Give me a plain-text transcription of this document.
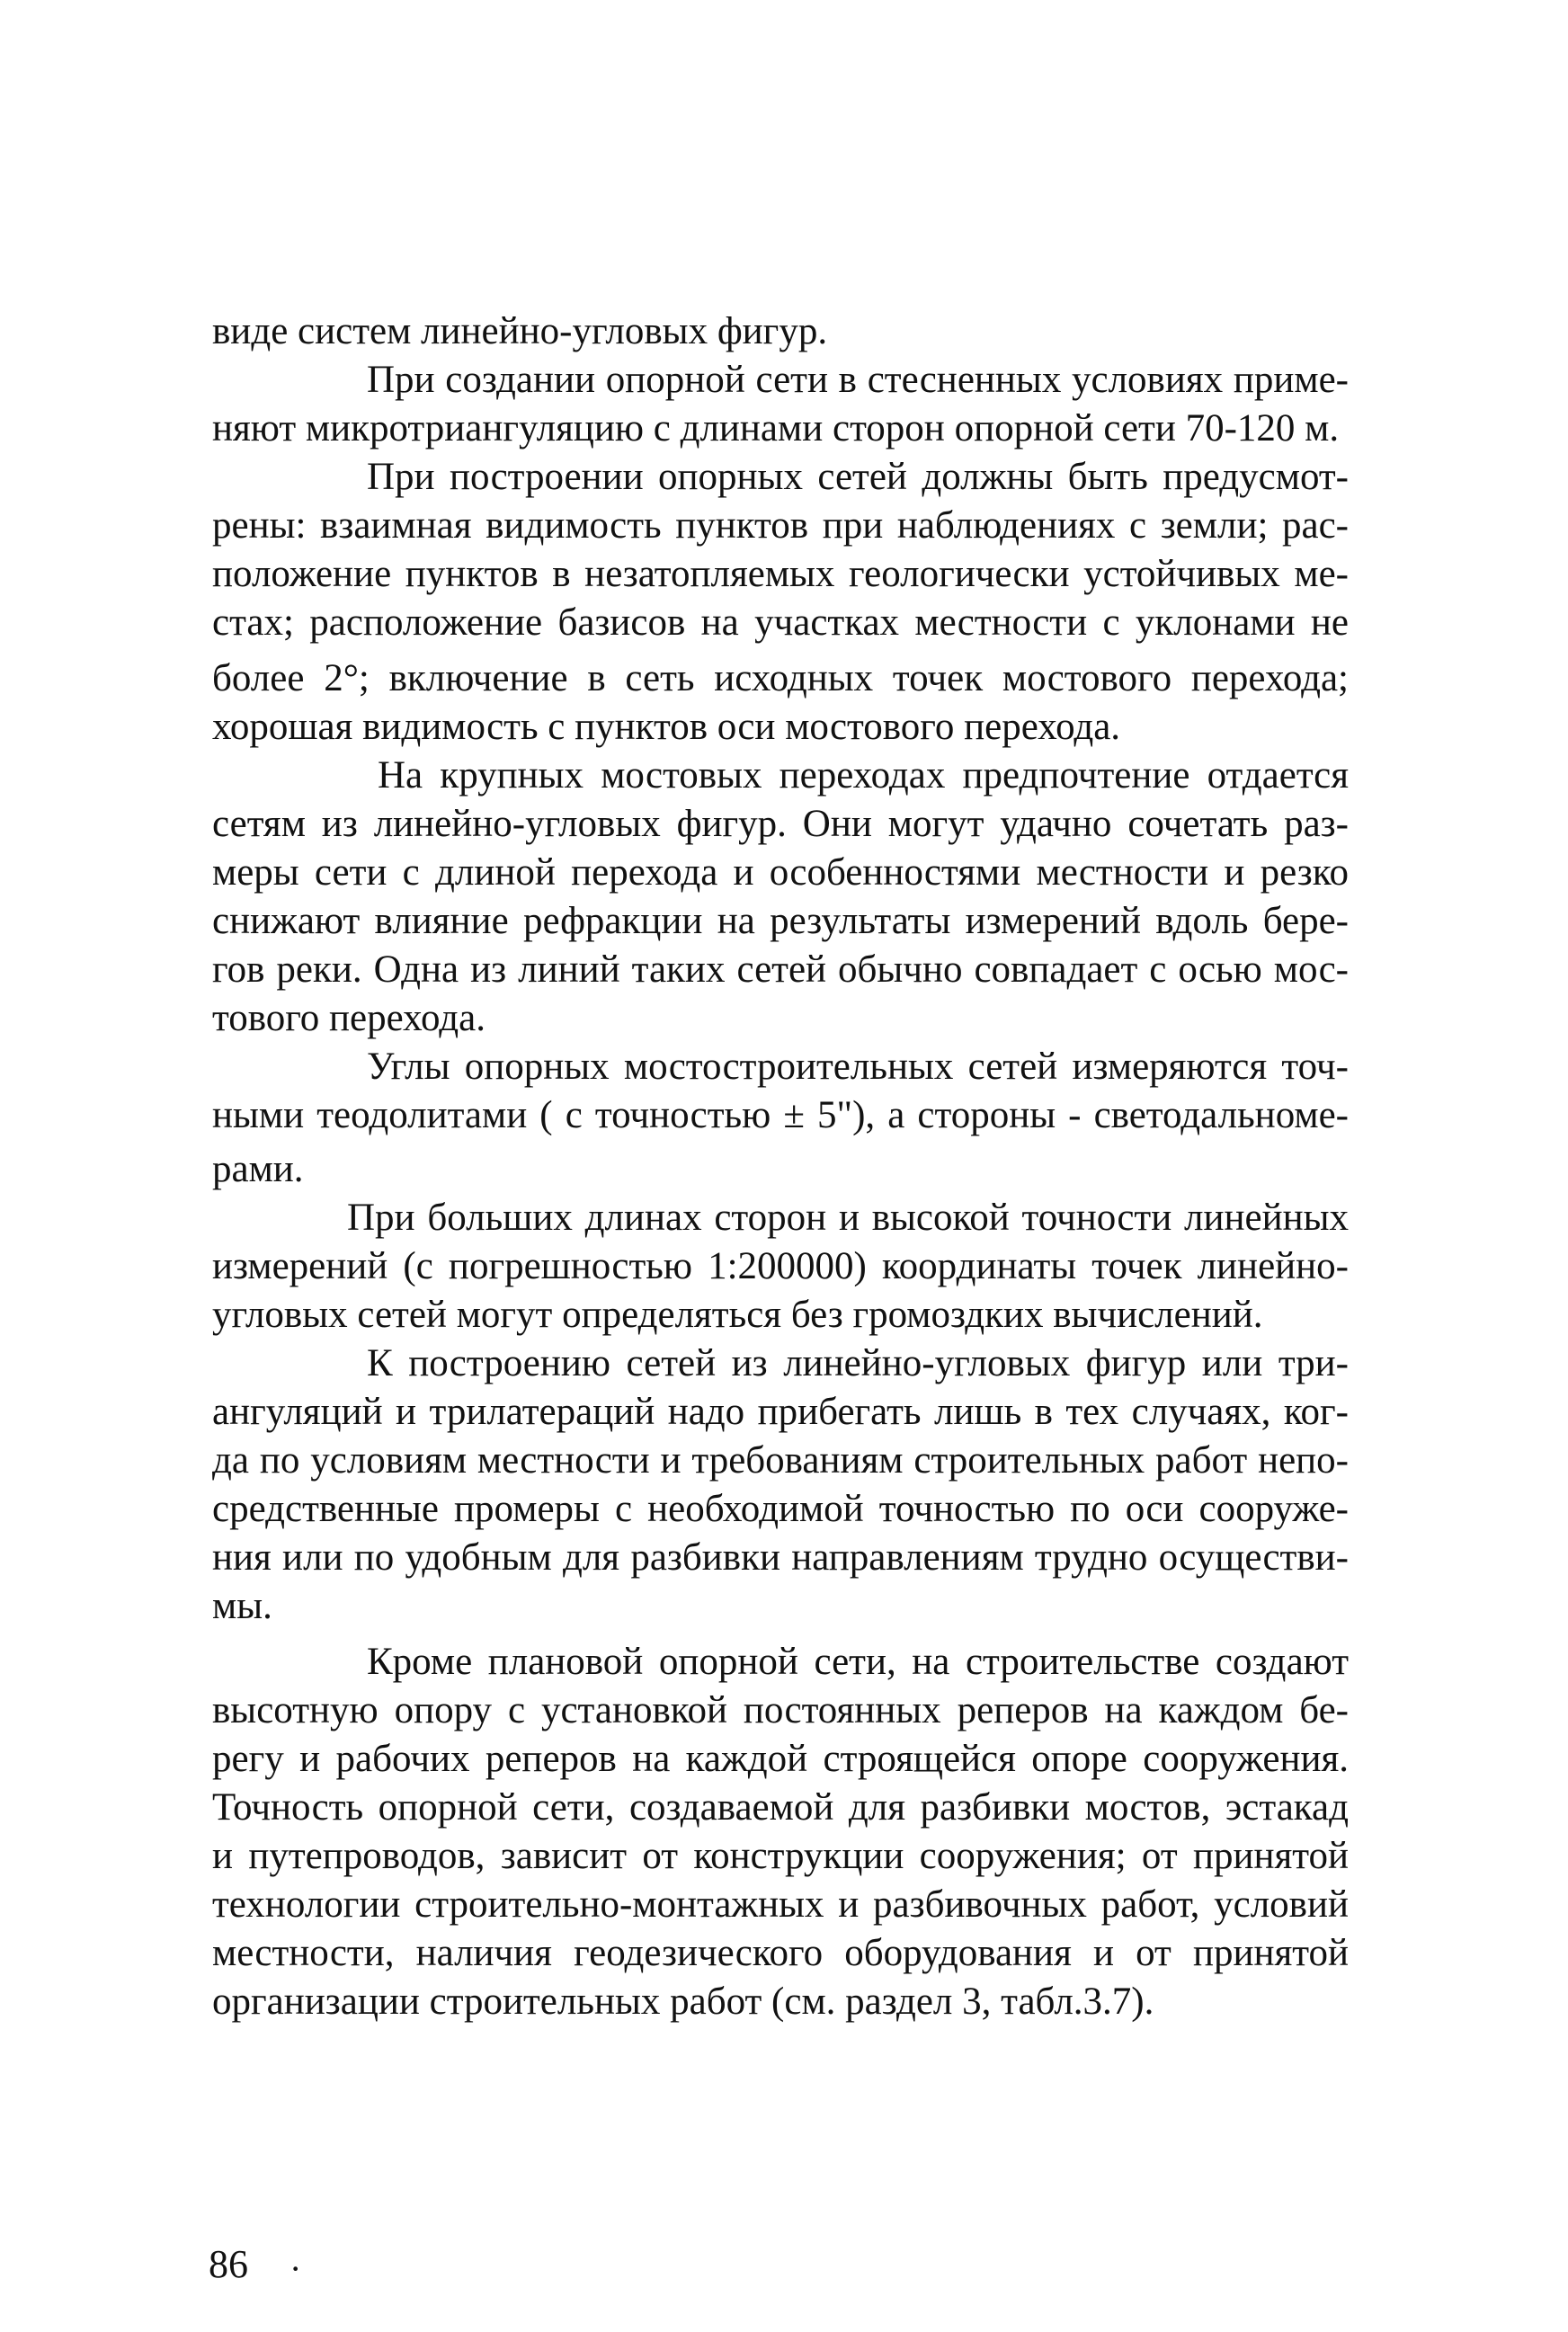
виде систем линейно-угловых фигур.

При создании опорной сети в стесненных условиях приме-
няют микротриангуляцию с длинами сторон опорной сети 70-120 м.

При построении опорных сетей должны быть предусмот-
рены: взаимная видимость пунктов при наблюдениях с земли; рас-
положение пунктов в незатопляемых геологически устойчивых ме-
стах; расположение базисов на участках местности с уклонами не
более 2°; включение в сеть исходных точек мостового перехода;
хорошая видимость с пунктов оси мостового перехода.

На крупных мостовых переходах предпочтение отдается
сетям из линейно-угловых фигур. Они могут удачно сочетать раз-
меры сети с длиной перехода и особенностями местности и резко
снижают влияние рефракции на результаты измерений вдоль бере-
гов реки. Одна из линий таких сетей обычно совпадает с осью мос-
тового перехода.

Углы опорных мостостроительных сетей измеряются точ-
ными теодолитами ( с точностью ± 5"), а стороны - светодальноме-
рами.

При больших длинах сторон и высокой точности линейных
измерений (с погрешностью 1:200000) координаты точек линейно-
угловых сетей могут определяться без громоздких вычислений.

К построению сетей из линейно-угловых фигур или три-
ангуляций и трилатераций надо прибегать лишь в тех случаях, ког-
да по условиям местности и требованиям строительных работ непо-
средственные промеры с необходимой точностью по оси сооруже-
ния или по удобным для разбивки направлениям трудно осуществи-
мы.

Кроме плановой опорной сети, на строительстве создают
высотную опору с установкой постоянных реперов на каждом бе-
регу и рабочих реперов на каждой строящейся опоре сооружения.
Точность опорной сети, создаваемой для разбивки мостов, эстакад
и путепроводов, зависит от конструкции сооружения; от принятой
технологии строительно-монтажных и разбивочных работ, условий
местности, наличия геодезического оборудования и от принятой
организации строительных работ (см. раздел 3, табл.3.7).

86 ·
